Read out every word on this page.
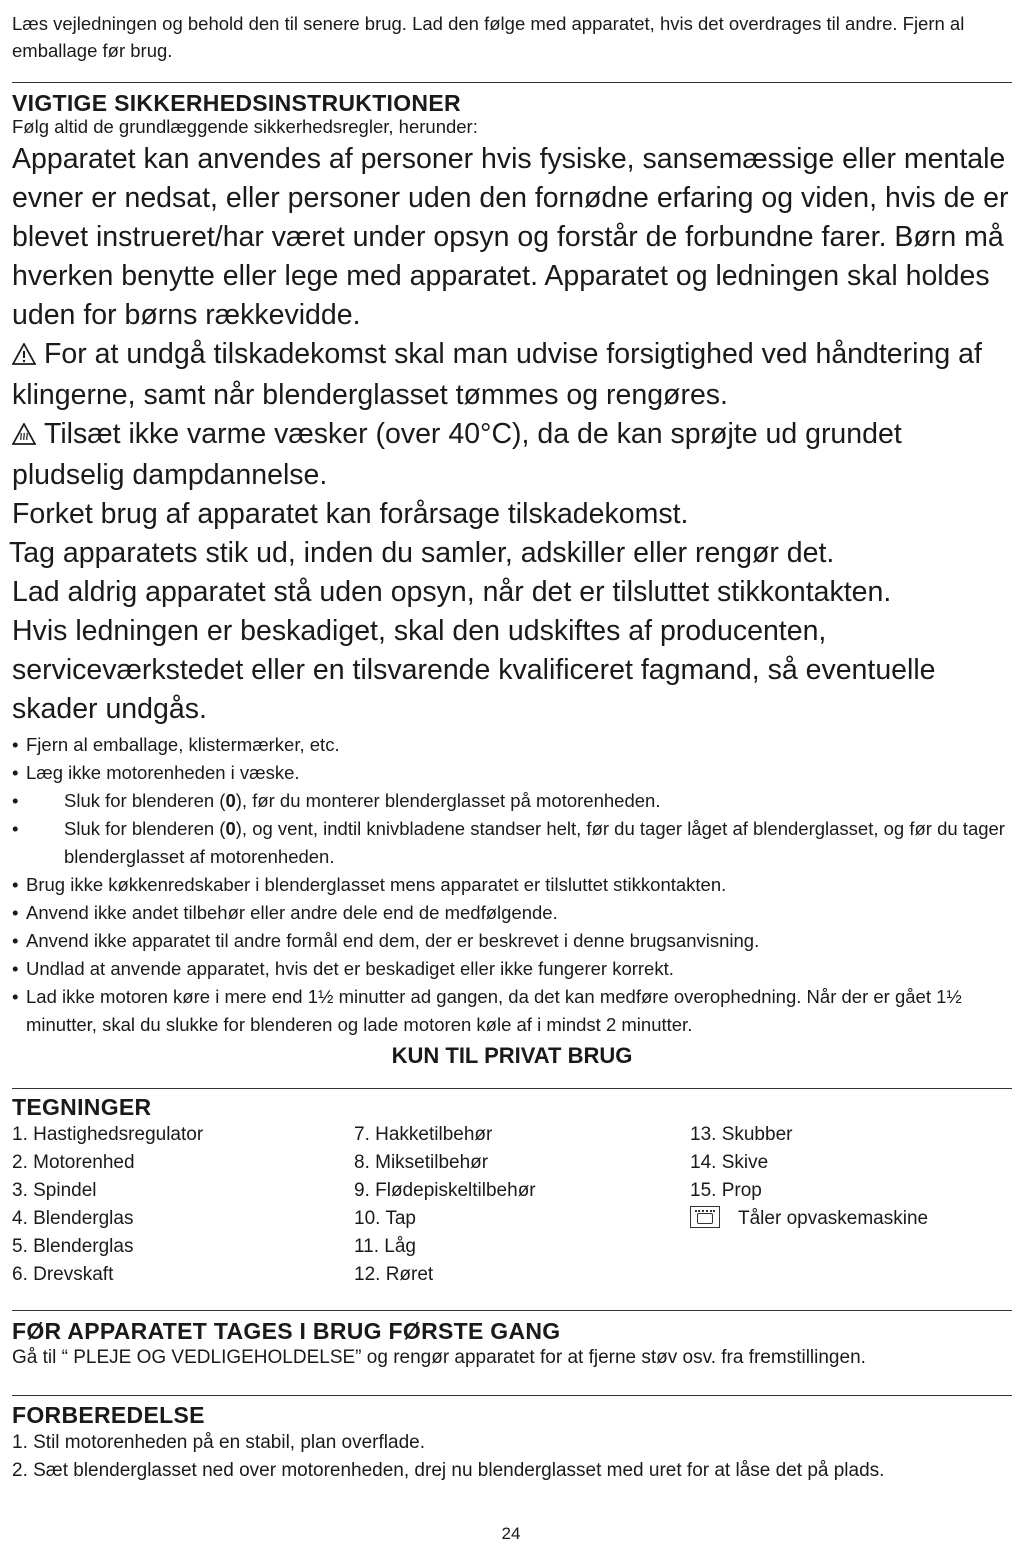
Læs vejledningen og behold den til senere brug. Lad den følge med apparatet, hvis det overdrages til andre. Fjern al emballage før brug.

VIGTIGE SIKKERHEDSINSTRUKTIONER

Følg altid de grundlæggende sikkerhedsregler, herunder:

Apparatet kan anvendes af personer hvis fysiske, sansemæssige eller mentale evner er nedsat, eller personer uden den fornødne erfaring og viden, hvis de er blevet instrueret/har været under opsyn og forstår de forbundne farer. Børn må hverken benytte eller lege med apparatet. Apparatet og ledningen skal holdes uden for børns rækkevidde.

For at undgå tilskadekomst skal man udvise forsigtighed ved håndtering af klingerne, samt når blenderglasset tømmes og rengøres.

Tilsæt ikke varme væsker (over 40°C), da de kan sprøjte ud grundet pludselig dampdannelse.

Forket brug af apparatet kan forårsage tilskadekomst.

Tag apparatets stik ud, inden du samler, adskiller eller rengør det.

Lad aldrig apparatet stå uden opsyn, når det er tilsluttet stikkontakten.

Hvis ledningen er beskadiget, skal den udskiftes af producenten, serviceværkstedet eller en tilsvarende kvalificeret fagmand, så eventuelle skader undgås.

• Fjern al emballage, klistermærker, etc.

• Læg ikke motorenheden i væske.

• Sluk for blenderen (0), før du monterer blenderglasset på motorenheden.

• Sluk for blenderen (0), og vent, indtil knivbladene standser helt, før du tager låget af blenderglasset, og før du tager blenderglasset af motorenheden.

• Brug ikke køkkenredskaber i blenderglasset mens apparatet er tilsluttet stikkontakten.

• Anvend ikke andet tilbehør eller andre dele end de medfølgende.

• Anvend ikke apparatet til andre formål end dem, der er beskrevet i denne brugsanvisning.

• Undlad at anvende apparatet, hvis det er beskadiget eller ikke fungerer korrekt.

• Lad ikke motoren køre i mere end 1½ minutter ad gangen, da det kan medføre overophedning. Når der er gået 1½ minutter, skal du slukke for blenderen og lade motoren køle af i mindst 2 minutter.

KUN TIL PRIVAT BRUG

TEGNINGER
1. Hastighedsregulator
2. Motorenhed
3. Spindel
4. Blenderglas
5. Blenderglas
6. Drevskaft
7. Hakketilbehør
8. Miksetilbehør
9. Flødepiskeltilbehør
10. Tap
11. Låg
12. Røret
13. Skubber
14. Skive
15. Prop
Tåler opvaskemaskine
FØR APPARATET TAGES I BRUG FØRSTE GANG

Gå til “ PLEJE OG VEDLIGEHOLDELSE” og rengør apparatet for at fjerne støv osv. fra fremstillingen.

FORBEREDELSE

1. Stil motorenheden på en stabil, plan overflade.

2. Sæt blenderglasset ned over motorenheden, drej nu blenderglasset med uret for at låse det på plads.

24
